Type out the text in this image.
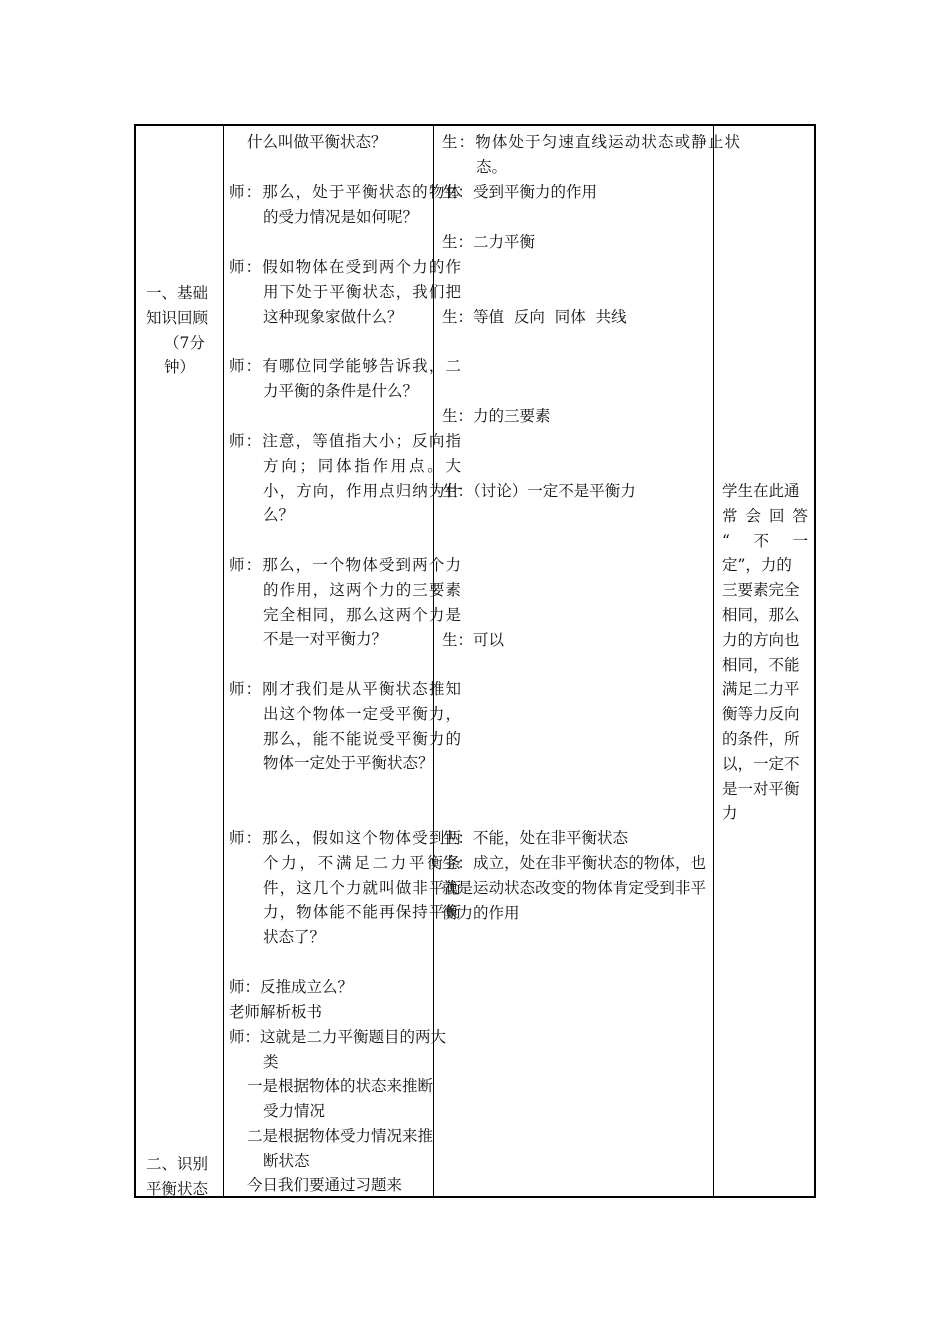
一、基础
知识回顾
（7分
钟）
二、识别
平衡状态
什么叫做平衡状态？
师：那么，处于平衡状态的物体的受力情况是如何呢？
师：假如物体在受到两个力的作用下处于平衡状态，我们把这种现象家做什么？
师：有哪位同学能够告诉我，二力平衡的条件是什么？
师：注意，等值指大小；反向指方向；同体指作用点。大小，方向，作用点归纳为什么？
师：那么，一个物体受到两个力的作用，这两个力的三要素完全相同，那么这两个力是不是一对平衡力？
师：刚才我们是从平衡状态推知出这个物体一定受平衡力，那么，能不能说受平衡力的物体一定处于平衡状态？
师：那么，假如这个物体受到两个力，不满足二力平衡条件，这几个力就叫做非平衡力，物体能不能再保持平衡状态了？
师：反推成立么？
老师解析板书
师：这就是二力平衡题目的两大类
一是根据物体的状态来推断受力情况
二是根据物体受力情况来推断状态
今日我们要通过习题来
生：物体处于匀速直线运动状态或静止状态。
生：受到平衡力的作用
生：二力平衡
生：等值  反向  同体  共线
生：力的三要素
生：（讨论）一定不是平衡力
生：可以
生：不能，处在非平衡状态
生：成立，处在非平衡状态的物体，也就是运动状态改变的物体肯定受到非平衡力的作用
学生在此通
常 会 回 答
“ 不 一
定”，力的
三要素完全
相同，那么
力的方向也
相同，不能
满足二力平
衡等力反向
的条件，所
以，一定不
是一对平衡
力
